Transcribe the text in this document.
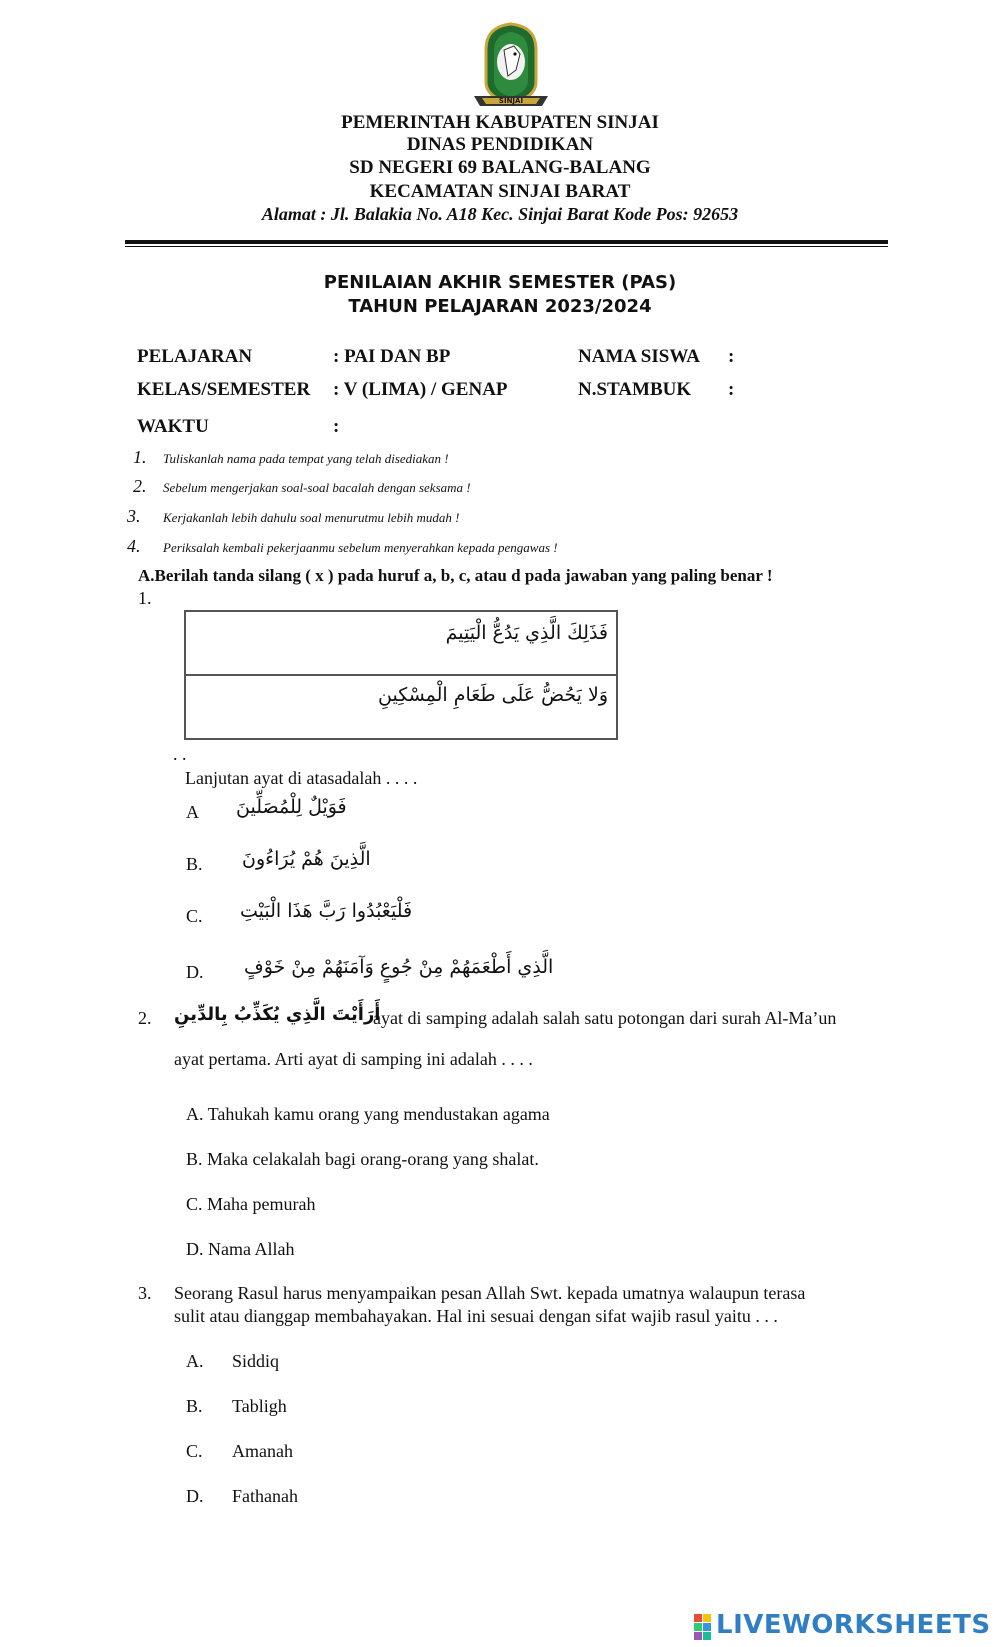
SINJAI
PEMERINTAH KABUPATEN SINJAI
DINAS PENDIDIKAN
SD NEGERI 69 BALANG-BALANG
KECAMATAN SINJAI BARAT
Alamat : Jl. Balakia No. A18 Kec. Sinjai Barat Kode Pos: 92653
PENILAIAN AKHIR SEMESTER (PAS)
TAHUN PELAJARAN 2023/2024
PELAJARAN	: PAI DAN BP	NAMA SISWA :
KELAS/SEMESTER : V (LIMA) / GENAP	N.STAMBUK :
WAKTU	:
1. Tuliskanlah nama pada tempat yang telah disediakan !
2. Sebelum mengerjakan soal-soal bacalah dengan seksama !
3. Kerjakanlah lebih dahulu soal menurutmu lebih mudah !
4. Periksalah kembali pekerjaanmu sebelum menyerahkan kepada pengawas !
A.Berilah tanda silang ( x ) pada huruf a, b, c, atau d pada jawaban yang paling benar !
1.
فَذَلِكَ الَّذِي يَدُعُّ الْيَتِيمَ
وَلا يَحُضُّ عَلَى طَعَامِ الْمِسْكِينِ
. .
Lanjutan ayat di atasadalah . . . .
A فَوَيْلٌ لِلْمُصَلِّينَ
B. الَّذِينَ هُمْ يُرَاءُونَ
C. فَلْيَعْبُدُوا رَبَّ هَذَا الْبَيْتِ
D. الَّذِي أَطْعَمَهُمْ مِنْ جُوعٍ وَآمَنَهُمْ مِنْ خَوْفٍ
2. أَرَأَيْتَ الَّذِي يُكَذِّبُ بِالدِّينِ
ayat di samping adalah salah satu potongan dari surah Al-Ma’un
ayat pertama. Arti ayat di samping ini adalah . . . .
A. Tahukah kamu orang yang mendustakan agama
B. Maka celakalah bagi orang-orang yang shalat.
C. Maha pemurah
D. Nama Allah
3. Seorang Rasul harus menyampaikan pesan Allah Swt. kepada umatnya walaupun terasa
sulit atau dianggap membahayakan. Hal ini sesuai dengan sifat wajib rasul yaitu . . .
A. Siddiq
B. Tabligh
C. Amanah
D. Fathanah
LIVEWORKSHEETS
